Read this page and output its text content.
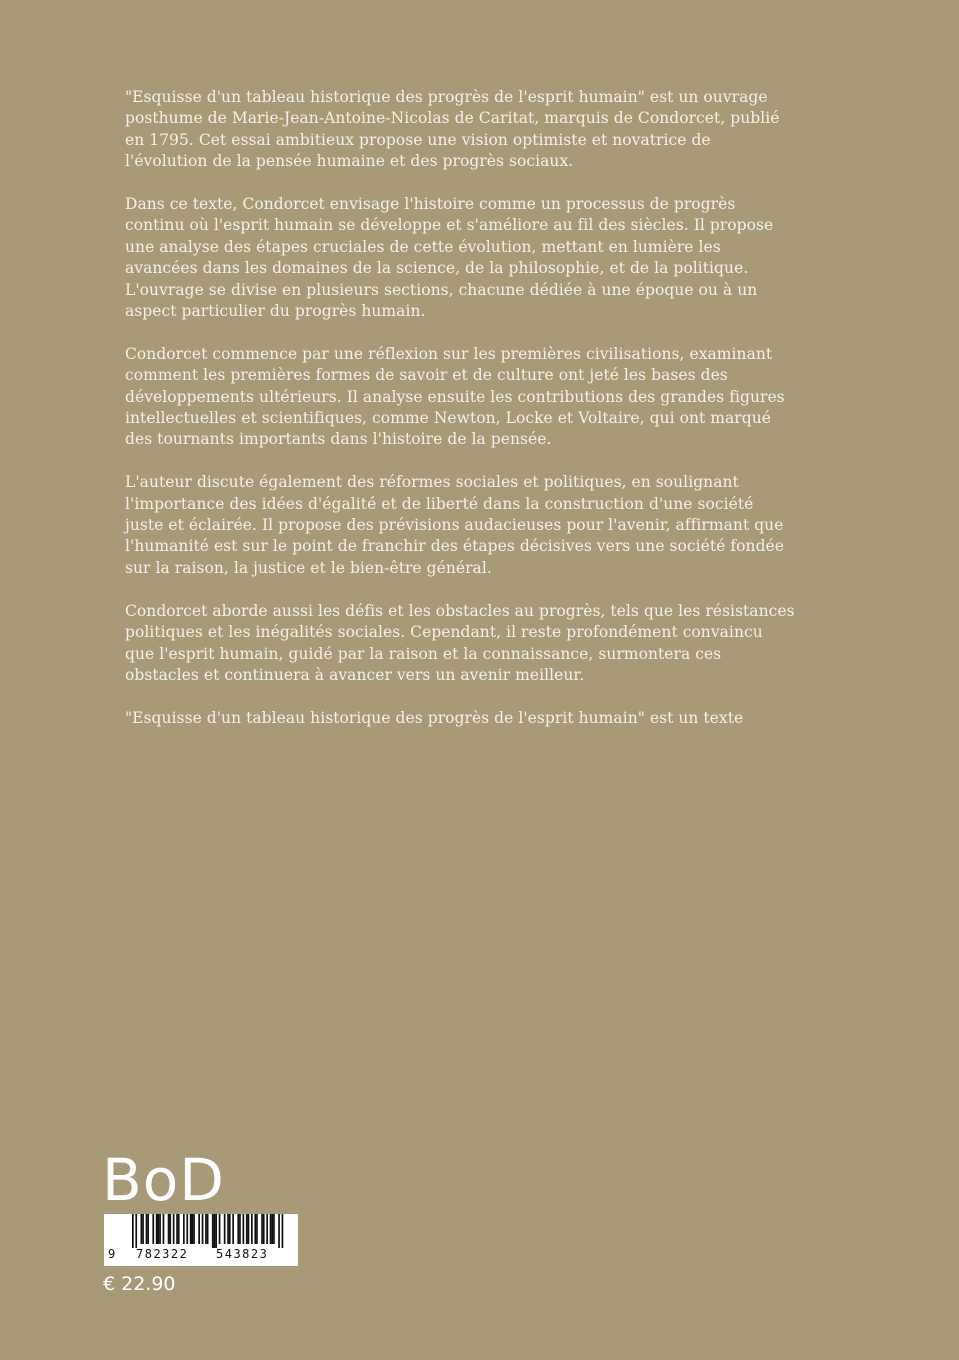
"Esquisse d'un tableau historique des progrès de l'esprit humain" est un ouvrage posthume de Marie-Jean-Antoine-Nicolas de Caritat, marquis de Condorcet, publié en 1795. Cet essai ambitieux propose une vision optimiste et novatrice de l'évolution de la pensée humaine et des progrès sociaux.

Dans ce texte, Condorcet envisage l'histoire comme un processus de progrès continu où l'esprit humain se développe et s'améliore au fil des siècles. Il propose une analyse des étapes cruciales de cette évolution, mettant en lumière les avancées dans les domaines de la science, de la philosophie, et de la politique. L'ouvrage se divise en plusieurs sections, chacune dédiée à une époque ou à un aspect particulier du progrès humain.

Condorcet commence par une réflexion sur les premières civilisations, examinant comment les premières formes de savoir et de culture ont jeté les bases des développements ultérieurs. Il analyse ensuite les contributions des grandes figures intellectuelles et scientifiques, comme Newton, Locke et Voltaire, qui ont marqué des tournants importants dans l'histoire de la pensée.

L'auteur discute également des réformes sociales et politiques, en soulignant l'importance des idées d'égalité et de liberté dans la construction d'une société juste et éclairée. Il propose des prévisions audacieuses pour l'avenir, affirmant que l'humanité est sur le point de franchir des étapes décisives vers une société fondée sur la raison, la justice et le bien-être général.

Condorcet aborde aussi les défis et les obstacles au progrès, tels que les résistances politiques et les inégalités sociales. Cependant, il reste profondément convaincu que l'esprit humain, guidé par la raison et la connaissance, surmontera ces obstacles et continuera à avancer vers un avenir meilleur.

"Esquisse d'un tableau historique des progrès de l'esprit humain" est un texte

BoD
9 782322 543823
€ 22.90
